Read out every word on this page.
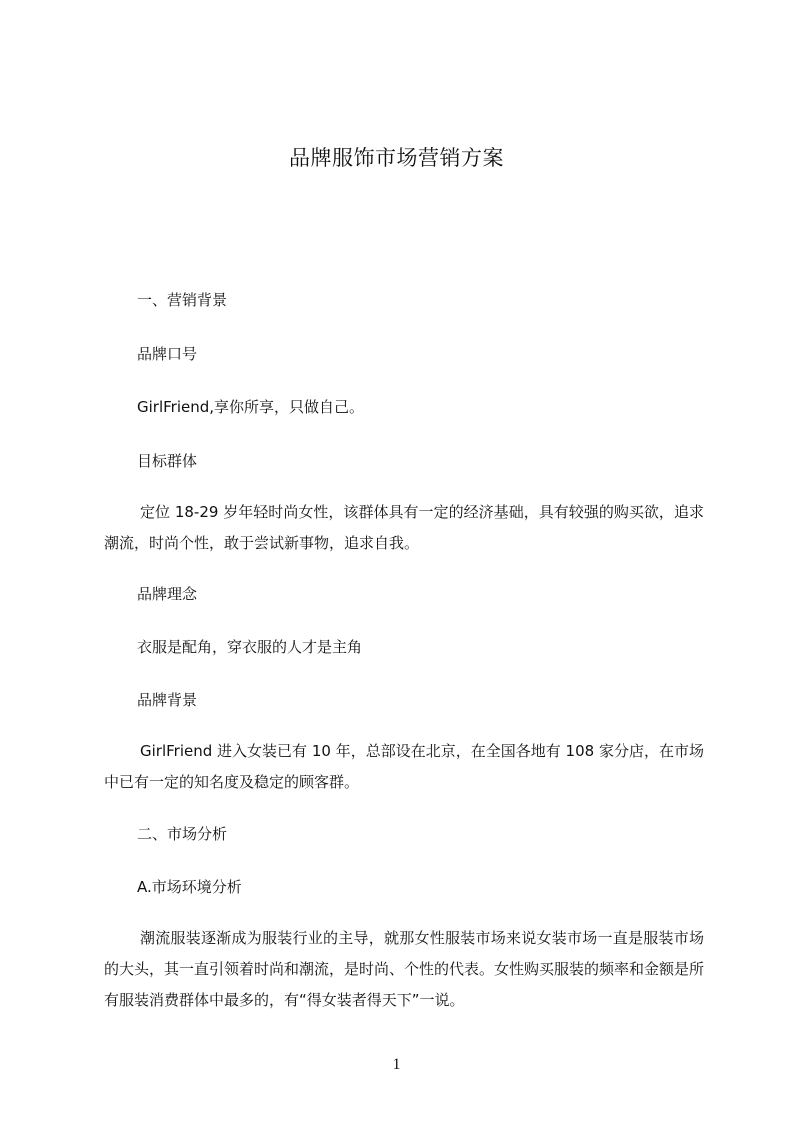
品牌服饰市场营销方案
一、营销背景
品牌口号
GirlFriend,享你所享，只做自己。
目标群体
定位 18-29 岁年轻时尚女性，该群体具有一定的经济基础，具有较强的购买欲，追求潮流，时尚个性，敢于尝试新事物，追求自我。
品牌理念
衣服是配角，穿衣服的人才是主角
品牌背景
GirlFriend 进入女装已有 10 年，总部设在北京，在全国各地有 108 家分店，在市场中已有一定的知名度及稳定的顾客群。
二、市场分析
A.市场环境分析
潮流服装逐渐成为服装行业的主导，就那女性服装市场来说女装市场一直是服装市场的大头，其一直引领着时尚和潮流，是时尚、个性的代表。女性购买服装的频率和金额是所有服装消费群体中最多的，有“得女装者得天下”一说。
1
